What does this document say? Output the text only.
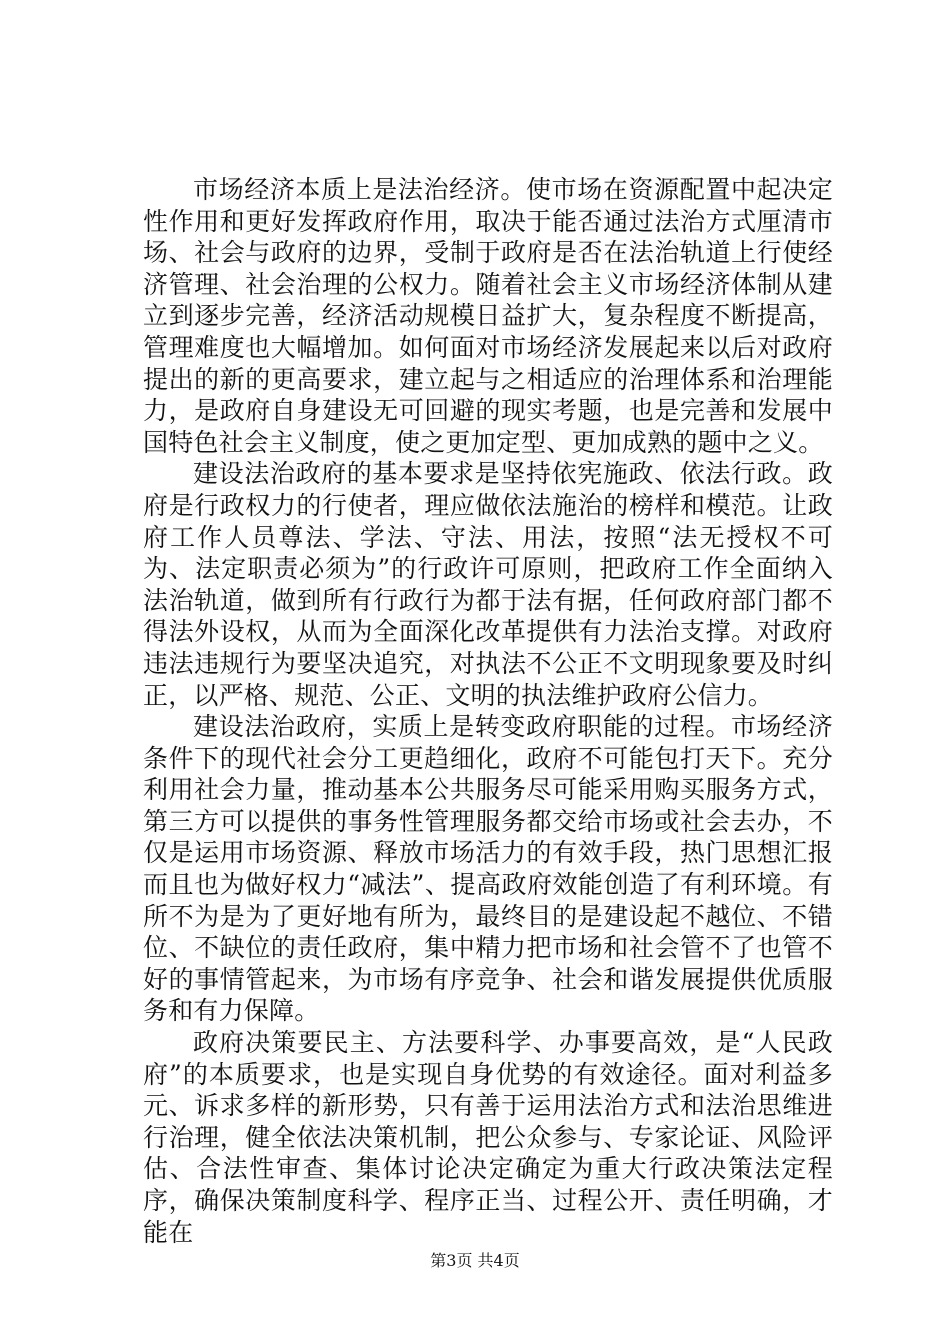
市场经济本质上是法治经济。使市场在资源配置中起决定性作用和更好发挥政府作用，取决于能否通过法治方式厘清市场、社会与政府的边界，受制于政府是否在法治轨道上行使经济管理、社会治理的公权力。随着社会主义市场经济体制从建立到逐步完善，经济活动规模日益扩大，复杂程度不断提高，管理难度也大幅增加。如何面对市场经济发展起来以后对政府提出的新的更高要求，建立起与之相适应的治理体系和治理能力，是政府自身建设无可回避的现实考题，也是完善和发展中国特色社会主义制度，使之更加定型、更加成熟的题中之义。

建设法治政府的基本要求是坚持依宪施政、依法行政。政府是行政权力的行使者，理应做依法施治的榜样和模范。让政府工作人员尊法、学法、守法、用法，按照“法无授权不可为、法定职责必须为”的行政许可原则，把政府工作全面纳入法治轨道，做到所有行政行为都于法有据，任何政府部门都不得法外设权，从而为全面深化改革提供有力法治支撑。对政府违法违规行为要坚决追究，对执法不公正不文明现象要及时纠正，以严格、规范、公正、文明的执法维护政府公信力。

建设法治政府，实质上是转变政府职能的过程。市场经济条件下的现代社会分工更趋细化，政府不可能包打天下。充分利用社会力量，推动基本公共服务尽可能采用购买服务方式，第三方可以提供的事务性管理服务都交给市场或社会去办，不仅是运用市场资源、释放市场活力的有效手段，热门思想汇报而且也为做好权力“减法”、提高政府效能创造了有利环境。有所不为是为了更好地有所为，最终目的是建设起不越位、不错位、不缺位的责任政府，集中精力把市场和社会管不了也管不好的事情管起来，为市场有序竞争、社会和谐发展提供优质服务和有力保障。

政府决策要民主、方法要科学、办事要高效，是“人民政府”的本质要求，也是实现自身优势的有效途径。面对利益多元、诉求多样的新形势，只有善于运用法治方式和法治思维进行治理，健全依法决策机制，把公众参与、专家论证、风险评估、合法性审查、集体讨论决定确定为重大行政决策法定程序，确保决策制度科学、程序正当、过程公开、责任明确，才能在

第3页 共4页
